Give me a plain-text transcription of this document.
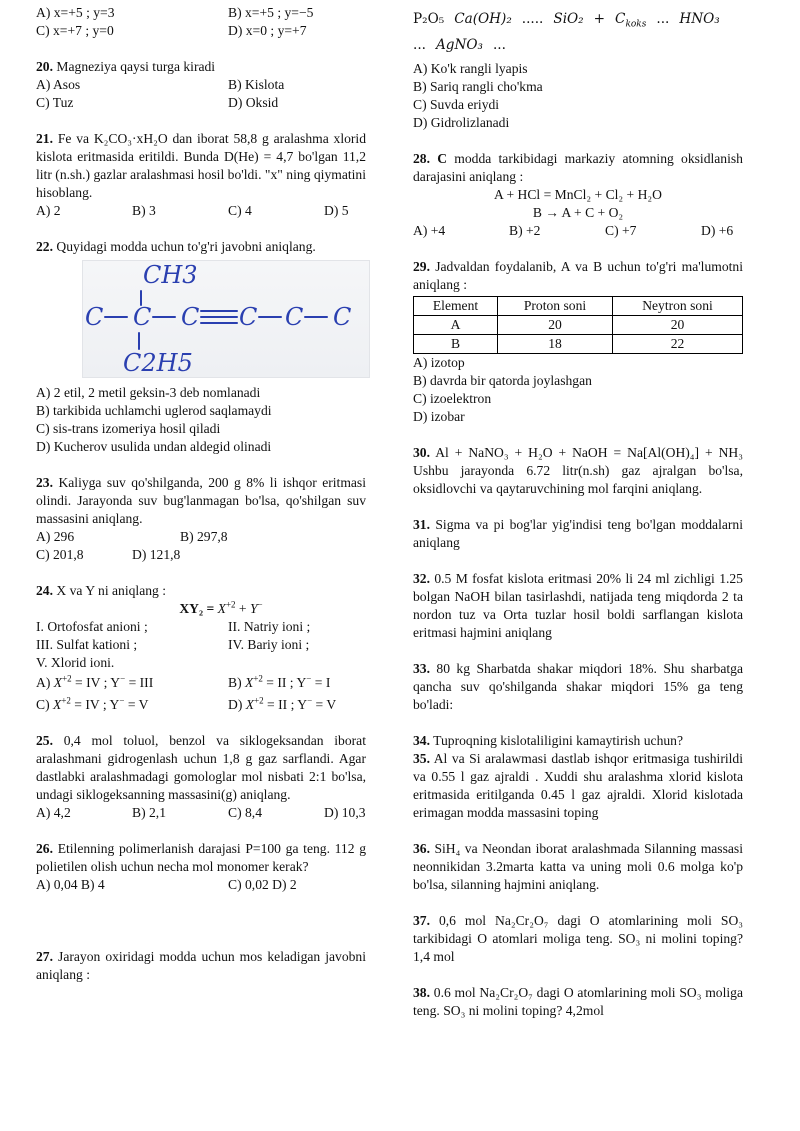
A) x=+5 ; y=3	B) x=+5 ; y=−5
C) x=+7 ; y=0	D) x=0 ; y=+7

20. Magneziya qaysi turga kiradi

A) Asos	B) Kislota
C) Tuz	D) Oksid

21. Fe va K₂CO₃·xH₂O dan iborat 58,8 g aralashma xlorid kislota eritmasida eritildi. Bunda D(He) = 4,7 bo'lgan 11,2 litr (n.sh.) gazlar aralashmasi hosil bo'ldi. "x" ning qiymatini hisoblang.

A) 2	B) 3	C) 4	D) 5

22. Quyidagi modda uchun to'g'ri javobni aniqlang.

CH3
C C C C C C
C2H5

A) 2 etil, 2 metil geksin-3 deb nomlanadi

B) tarkibida uchlamchi uglerod saqlamaydi

C) sis-trans izomeriya hosil qiladi

D) Kucherov usulida undan aldegid olinadi

23. Kaliyga suv qo'shilganda, 200 g 8% li ishqor eritmasi olindi. Jarayonda suv bug'lanmagan bo'lsa, qo'shilgan suv massasini aniqlang.

A) 296	B) 297,8
C) 201,8	D) 121,8

24. X va Y ni aniqlang :

$XY_2 = X^{+2} + Y^-$

I. Ortofosfat anioni ;	II. Natriy ioni ;
III. Sulfat kationi ;	IV. Bariy ioni ;

V. Xlorid ioni.

A) $X^{+2}$ = IV ; Y− = III	B) $X^{+2}$ = II ; Y− = I
C) $X^{+2}$ = IV ; Y− = V	D) $X^{+2}$ = II ; Y− = V

25. 0,4 mol toluol, benzol va siklogeksandan iborat aralashmani gidrogenlash uchun 1,8 g gaz sarflandi. Agar dastlabki aralashmadagi gomologlar mol nisbati 2:1 bo'lsa, undagi siklogeksanning massasini(g) aniqlang.

A) 4,2	B) 2,1	C) 8,4	D) 10,3

26. Etilenning polimerlanish darajasi P=100 ga teng. 112 g polietilen olish uchun necha mol monomer kerak?

A) 0,04 B) 4	C) 0,02 D) 2

27. Jarayon oxiridagi modda uchun mos keladigan javobni aniqlang :

P₂O₅ Ca(OH)₂ ..... $SiO_2 + C_{koks}$ ... HNO₃
... AgNO₃ ...

A) Ko'k rangli lyapis

B) Sariq rangli cho'kma

C) Suvda eriydi

D) Gidrolizlanadi

28. C modda tarkibidagi markaziy atomning oksidlanish darajasini aniqlang :

A + HCl = MnCl₂ + Cl₂ + H₂O

B → A + C + O₂

A) +4	B) +2	C) +7	D) +6

29. Jadvaldan foydalanib, A va B uchun to'g'ri ma'lumotni aniqlang :

Element	Proton soni	Neytron soni
A	20	20
B	18	22

A) izotop

B) davrda bir qatorda joylashgan

C) izoelektron

D) izobar

30. Al + NaNO₃ + H₂O + NaOH = Na[Al(OH)₄] + NH₃ Ushbu jarayonda 6.72 litr(n.sh) gaz ajralgan bo'lsa, oksidlovchi va qaytaruvchining mol farqini aniqlang.

31. Sigma va pi bog'lar yig'indisi teng bo'lgan moddalarni aniqlang

32. 0.5 M fosfat kislota eritmasi 20% li 24 ml zichligi 1.25 bolgan NaOH bilan tasirlashdi, natijada teng miqdorda 2 ta nordon tuz va Orta tuzlar hosil boldi sarflangan kislota eritmasi hajmini aniqlang

33. 80 kg Sharbatda shakar miqdori 18%. Shu sharbatga qancha suv qo'shilganda shakar miqdori 15% ga teng bo'ladi:

34. Tuproqning kislotaliligini kamaytirish uchun?

35. Al va Si aralawmasi dastlab ishqor eritmasiga tushirildi va 0.55 l gaz ajraldi . Xuddi shu aralashma xlorid kislota eritmasida eritilganda 0.45 l gaz ajraldi. Xlorid kislotada erimagan modda massasini toping

36. SiH₄ va Neondan iborat aralashmada Silanning massasi neonnikidan 3.2marta katta va uning moli 0.6 molga ko'p bo'lsa, silanning hajmini aniqlang.

37. 0,6 mol Na₂Cr₂O₇ dagi O atomlarining moli SO₃ tarkibidagi O atomlari moliga teng. SO₃ ni molini toping? 1,4 mol

38. 0.6 mol Na₂Cr₂O₇ dagi O atomlarining moli SO₃ moliga teng. SO₃ ni molini toping? 4,2mol
